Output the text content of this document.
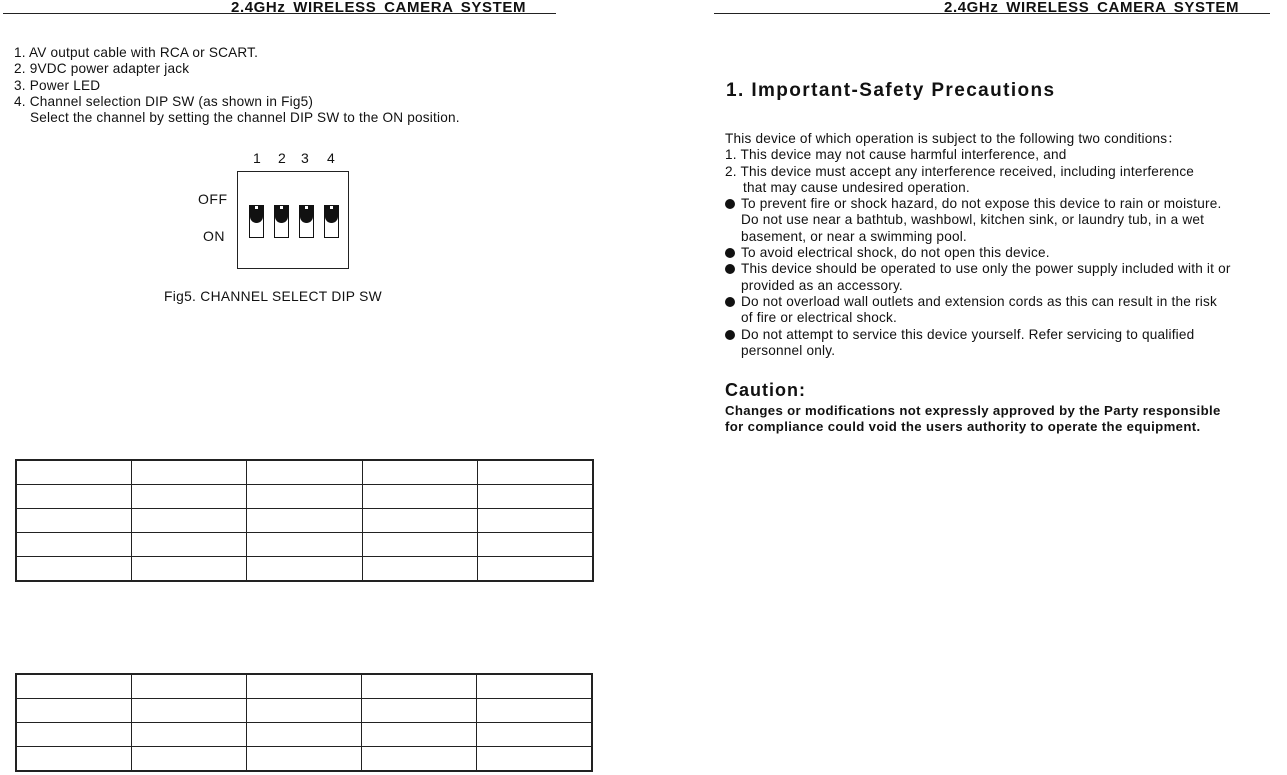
2.4GHz WIRELESS CAMERA SYSTEM
1. AV output cable with RCA or SCART.
2. 9VDC power adapter jack
3. Power LED
4. Channel selection DIP SW (as shown in Fig5)
Select the channel by setting the channel DIP SW to the ON position.
1 2 3 4
OFF
ON
Fig5. CHANNEL SELECT DIP SW

2.4GHz WIRELESS CAMERA SYSTEM
1. Important-Safety Precautions
This device of which operation is subject to the following two conditions：
1. This device may not cause harmful interference, and
2. This device must accept any interference received, including interference
that may cause undesired operation.
To prevent fire or shock hazard, do not expose this device to rain or moisture.
Do not use near a bathtub, washbowl, kitchen sink, or laundry tub, in a wet
basement, or near a swimming pool.
To avoid electrical shock, do not open this device.
This device should be operated to use only the power supply included with it or
provided as an accessory.
Do not overload wall outlets and extension cords as this can result in the risk
of fire or electrical shock.
Do not attempt to service this device yourself. Refer servicing to qualified
personnel only.
Caution:
Changes or modifications not expressly approved by the Party responsible
for compliance could void the users authority to operate the equipment.
